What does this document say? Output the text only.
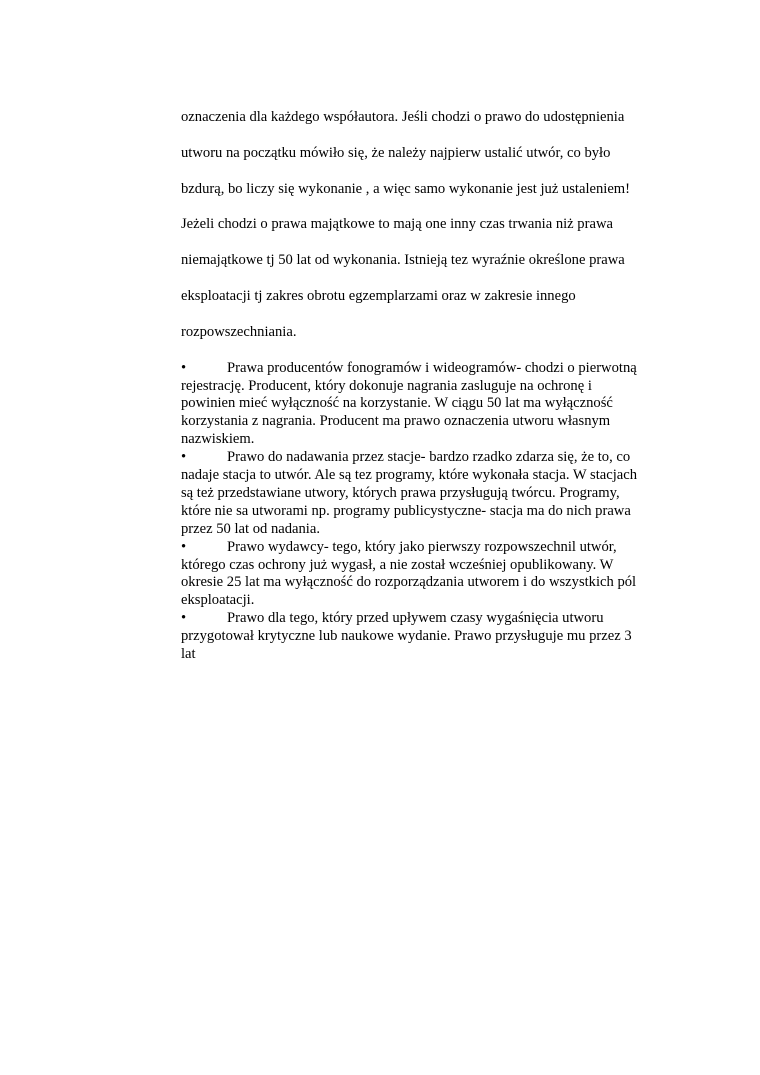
oznaczenia dla każdego współautora. Jeśli chodzi o prawo do udostępnienia

utworu na początku mówiło się, że należy najpierw ustalić utwór, co było

bzdurą, bo liczy się wykonanie , a więc samo wykonanie jest już ustaleniem!

Jeżeli chodzi o prawa majątkowe to mają one inny czas trwania niż prawa

niemajątkowe tj 50 lat od wykonania. Istnieją tez wyraźnie określone prawa

eksploatacji tj zakres obrotu egzemplarzami oraz w zakresie innego

rozpowszechniania.

•	Prawa producentów fonogramów i wideogramów- chodzi o pierwotną
rejestrację. Producent, który dokonuje nagrania zasluguje na ochronę i
powinien mieć wyłączność na korzystanie. W ciągu 50 lat ma wyłączność
korzystania z nagrania. Producent ma prawo oznaczenia utworu własnym
nazwiskiem.
•	Prawo do nadawania przez stacje- bardzo rzadko zdarza się, że to, co
nadaje stacja to utwór. Ale są tez programy, które wykonała stacja. W stacjach
są też przedstawiane utwory, których prawa przysługują twórcu. Programy,
które nie sa utworami np. programy publicystyczne- stacja ma do nich prawa
przez 50 lat od nadania.
•	Prawo wydawcy- tego, który jako pierwszy rozpowszechnil utwór,
którego czas ochrony już wygasł, a nie został wcześniej opublikowany. W
okresie 25 lat ma wyłączność do rozporządzania utworem i do wszystkich pól
eksploatacji.
•	Prawo dla tego, który przed upływem czasy wygaśnięcia utworu
przygotował krytyczne lub naukowe wydanie. Prawo przysługuje mu przez 3
lat
